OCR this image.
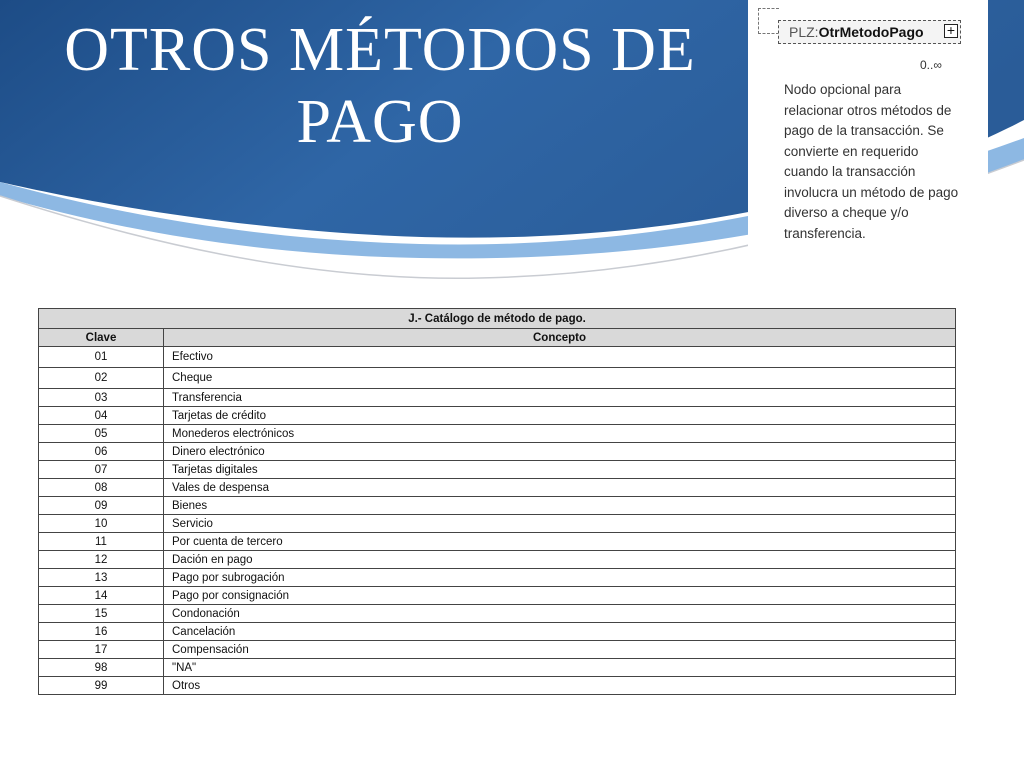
OTROS MÉTODOS DE
PAGO
PLZ:OtrMetodoPago +
0..∞

Nodo opcional para relacionar otros métodos de pago de la transacción. Se convierte en requerido cuando la transacción involucra un método de pago diverso a cheque y/o transferencia.

J.- Catálogo de método de pago.	
Clave	Concepto
01	Efectivo
02	Cheque
03	Transferencia
04	Tarjetas de crédito
05	Monederos electrónicos
06	Dinero electrónico
07	Tarjetas digitales
08	Vales de despensa
09	Bienes
10	Servicio
11	Por cuenta de tercero
12	Dación en pago
13	Pago por subrogación
14	Pago por consignación
15	Condonación
16	Cancelación
17	Compensación
98	"NA"
99	Otros
